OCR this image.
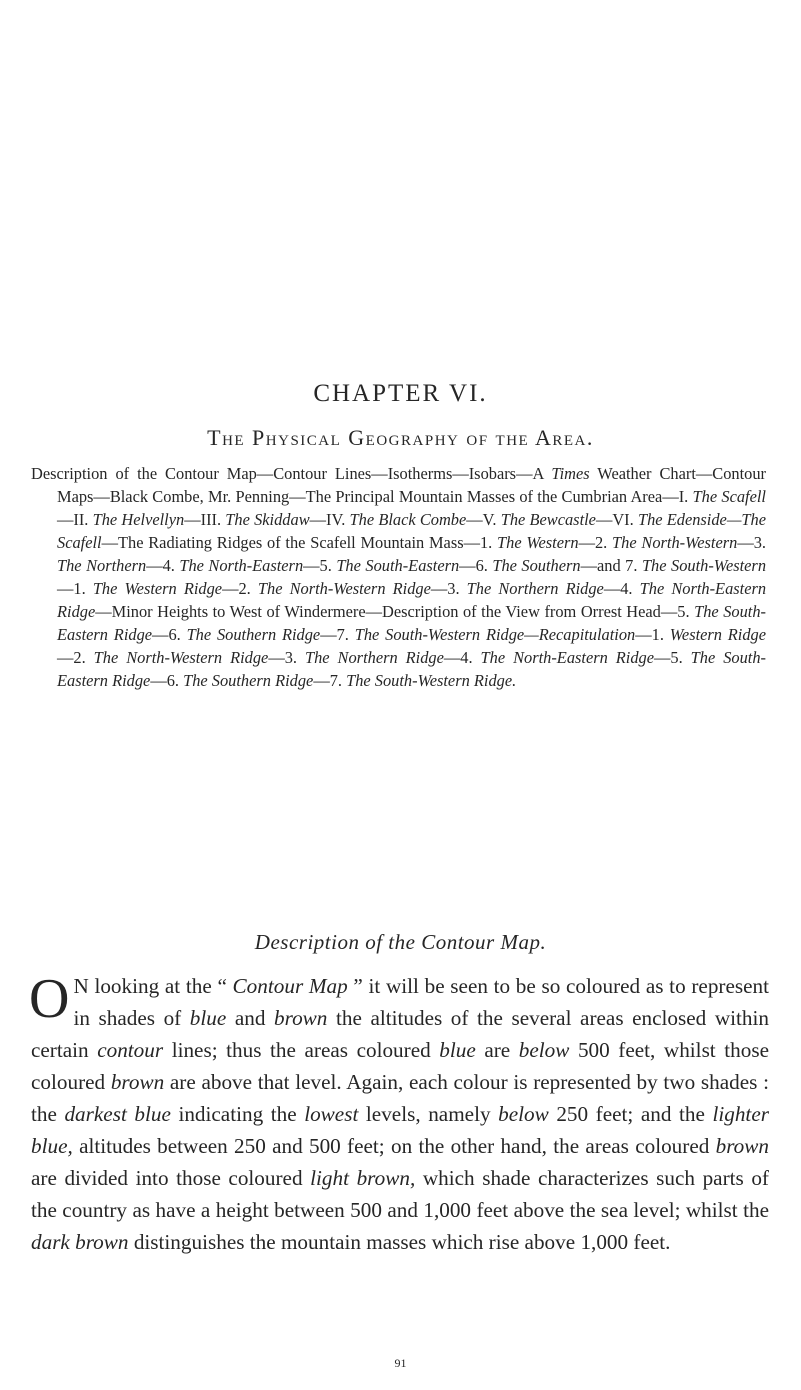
CHAPTER VI.
The Physical Geography of the Area.
Description of the Contour Map—Contour Lines—Isotherms—Isobars—A Times Weather Chart—Contour Maps—Black Combe, Mr. Penning—The Principal Mountain Masses of the Cumbrian Area—I. The Scafell—II. The Helvellyn—III. The Skiddaw—IV. The Black Combe—V. The Bewcastle—VI. The Edenside—The Scafell—The Radiating Ridges of the Scafell Mountain Mass—1. The Western—2. The North-Western—3. The Northern—4. The North-Eastern—5. The South-Eastern—6. The Southern—and 7. The South-Western—1. The Western Ridge—2. The North-Western Ridge—3. The Northern Ridge—4. The North-Eastern Ridge—Minor Heights to West of Windermere—Description of the View from Orrest Head—5. The South-Eastern Ridge—6. The Southern Ridge—7. The South-Western Ridge—Recapitulation—1. Western Ridge—2. The North-Western Ridge—3. The Northern Ridge—4. The North-Eastern Ridge—5. The South-Eastern Ridge—6. The Southern Ridge—7. The South-Western Ridge.
Description of the Contour Map.
O N looking at the “ Contour Map ” it will be seen to be so coloured as to represent in shades of blue and brown the altitudes of the several areas enclosed within certain contour lines; thus the areas coloured blue are below 500 feet, whilst those coloured brown are above that level. Again, each colour is represented by two shades : the darkest blue indicating the lowest levels, namely below 250 feet; and the lighter blue, altitudes between 250 and 500 feet; on the other hand, the areas coloured brown are divided into those coloured light brown, which shade characterizes such parts of the country as have a height between 500 and 1,000 feet above the sea level; whilst the dark brown distinguishes the mountain masses which rise above 1,000 feet.
91
